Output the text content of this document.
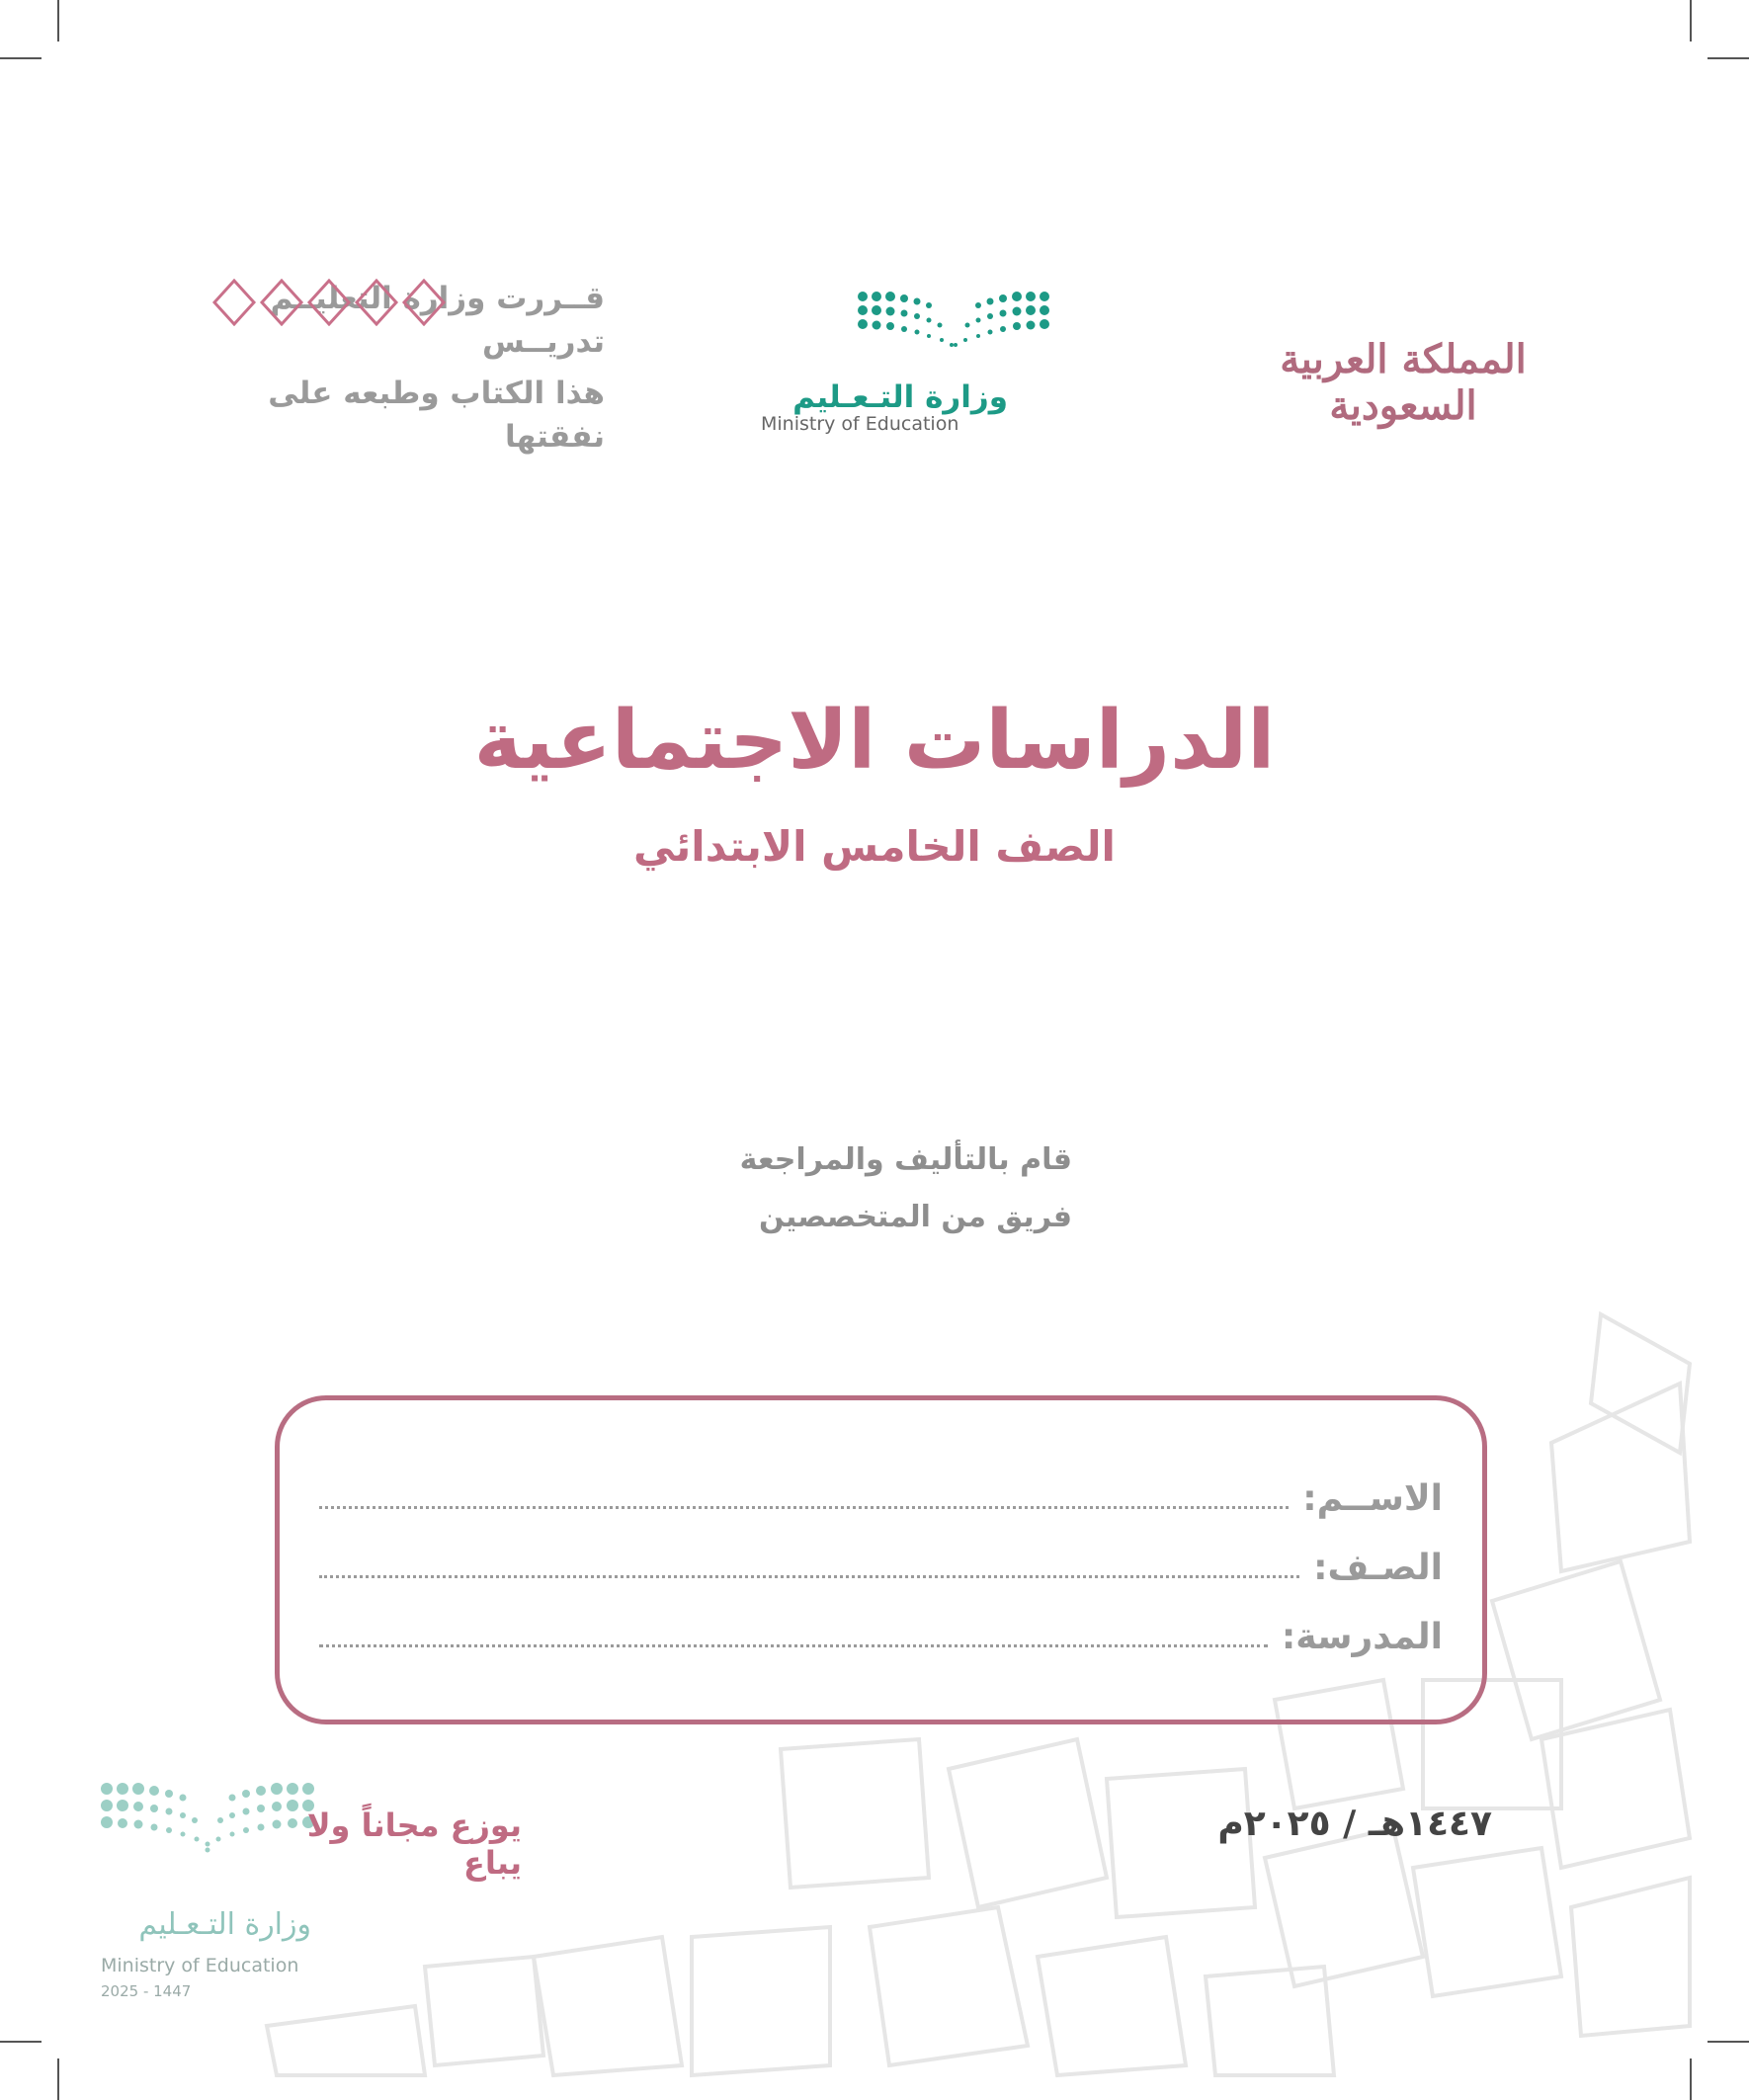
قــررت وزارة التعليــم تدريــس
هذا الكتاب وطبعه على نفقتها
وزارة التـعـليم
Ministry of Education
المملكة العربية السعودية
الدراسات الاجتماعية
الصف الخامس الابتدائي
قام بالتأليف والمراجعة
فريق من المتخصصين
الاســم:
الصـف:
المدرسة:
١٤٤٧هـ / ٢٠٢٥م
وزارة التـعـليم
Ministry of Education
2025 - 1447
يوزع مجاناً ولا يباع
